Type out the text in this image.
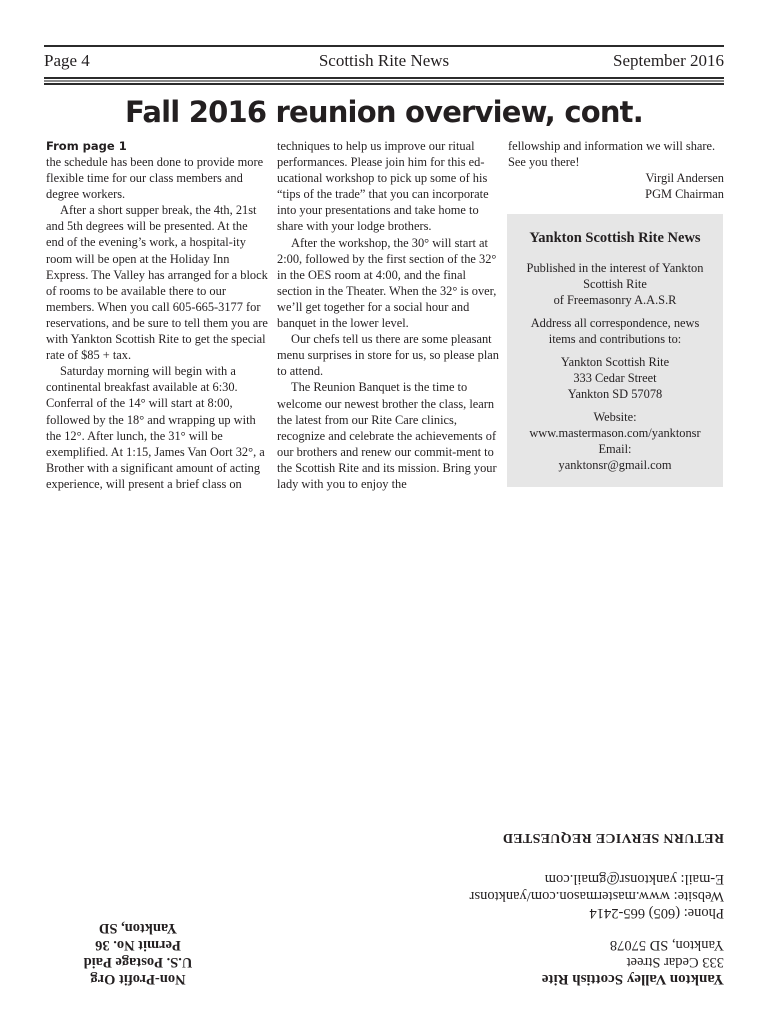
Page 4	Scottish Rite News	September 2016
Fall 2016 reunion overview, cont.
From page 1

the schedule has been done to provide more flexible time for our class members and degree workers.

After a short supper break, the 4th, 21st and 5th degrees will be presented. At the end of the evening’s work, a hospital-ity room will be open at the Holiday Inn Express. The Valley has arranged for a block of rooms to be available there to our members. When you call 605-665-3177 for reservations, and be sure to tell them you are with Yankton Scottish Rite to get the special rate of $85 + tax.

Saturday morning will begin with a continental breakfast available at 6:30. Conferral of the 14° will start at 8:00, followed by the 18° and wrapping up with the 12°. After lunch, the 31° will be exemplified. At 1:15, James Van Oort 32°, a Brother with a significant amount of acting experience, will present a brief class on

techniques to help us improve our ritual performances. Please join him for this ed-ucational workshop to pick up some of his “tips of the trade” that you can incorporate into your presentations and take home to share with your lodge brothers.

After the workshop, the 30° will start at 2:00, followed by the first section of the 32° in the OES room at 4:00, and the final section in the Theater. When the 32° is over, we’ll get together for a social hour and banquet in the lower level.

Our chefs tell us there are some pleasant menu surprises in store for us, so please plan to attend.

The Reunion Banquet is the time to welcome our newest brother the class, learn the latest from our Rite Care clinics, recognize and celebrate the achievements of our brothers and renew our commit-ment to the Scottish Rite and its mission. Bring your lady with you to enjoy the

fellowship and information we will share. See you there!

Virgil Andersen
PGM Chairman
Yankton Scottish Rite News

Published in the interest of Yankton
Scottish Rite
of Freemasonry A.A.S.R

Address all correspondence, news
items and contributions to:

Yankton Scottish Rite
333 Cedar Street
Yankton SD 57078

Website:
www.mastermason.com/yanktonsr
Email:
yanktonsr@gmail.com

Yankton Valley Scottish Rite
333 Cedar Street
Yankton, SD 57078
Phone: (605) 665-2414
Website: www.mastermason.com/yanktonsr
E-mail: yanktonsr@gmail.com
RETURN SERVICE REQUESTED
Non-Profit Org
U.S. Postage Paid
Permit No. 36
Yankton, SD
